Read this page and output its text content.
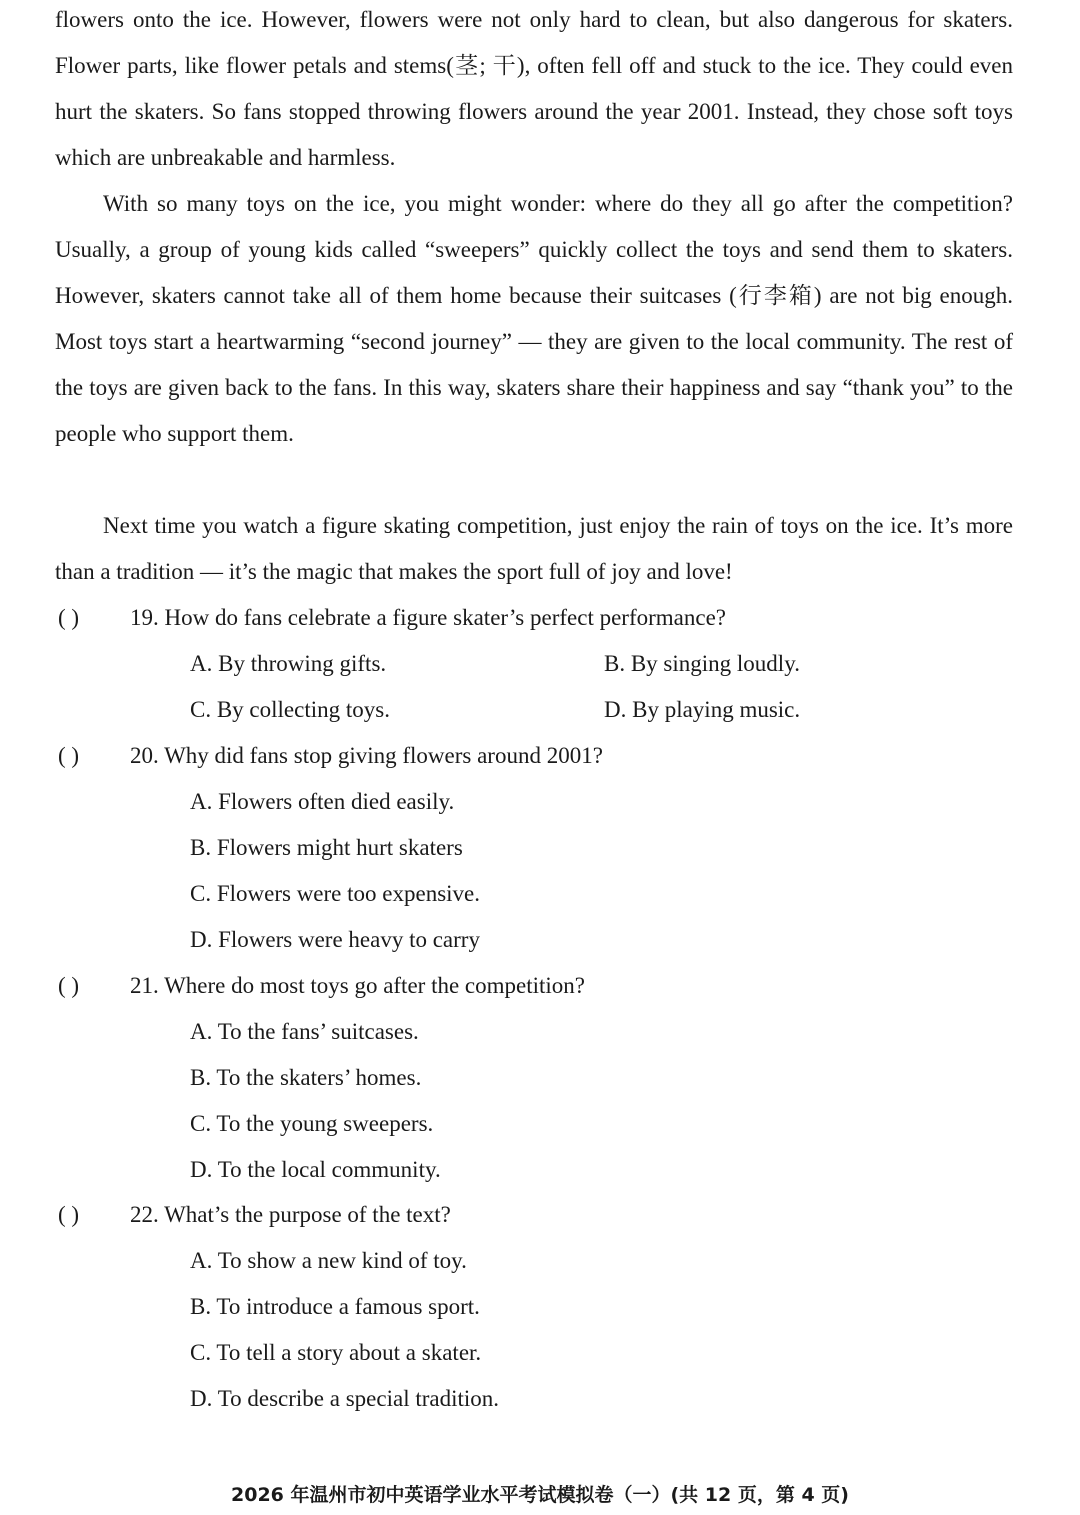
flowers onto the ice. However, flowers were not only hard to clean, but also dangerous for skaters. Flower parts, like flower petals and stems(茎; 干), often fell off and stuck to the ice. They could even hurt the skaters. So fans stopped throwing flowers around the year 2001. Instead, they chose soft toys which are unbreakable and harmless.

With so many toys on the ice, you might wonder: where do they all go after the competition? Usually, a group of young kids called “sweepers” quickly collect the toys and send them to skaters. However, skaters cannot take all of them home because their suitcases (行李箱) are not big enough. Most toys start a heartwarming “second journey” — they are given to the local community. The rest of the toys are given back to the fans. In this way, skaters share their happiness and say “thank you” to the people who support them.

Next time you watch a figure skating competition, just enjoy the rain of toys on the ice. It’s more than a tradition — it’s the magic that makes the sport full of joy and love!

( ) 19. How do fans celebrate a figure skater’s perfect performance?
A. By throwing gifts.	B. By singing loudly.
C. By collecting toys.	D. By playing music.
( ) 20. Why did fans stop giving flowers around 2001?
A. Flowers often died easily.
B. Flowers might hurt skaters
C. Flowers were too expensive.
D. Flowers were heavy to carry
( ) 21. Where do most toys go after the competition?
A. To the fans’ suitcases.
B. To the skaters’ homes.
C. To the young sweepers.
D. To the local community.
( ) 22. What’s the purpose of the text?
A. To show a new kind of toy.
B. To introduce a famous sport.
C. To tell a story about a skater.
D. To describe a special tradition.
2026 年温州市初中英语学业水平考试模拟卷（一）(共 12 页，第 4 页)
